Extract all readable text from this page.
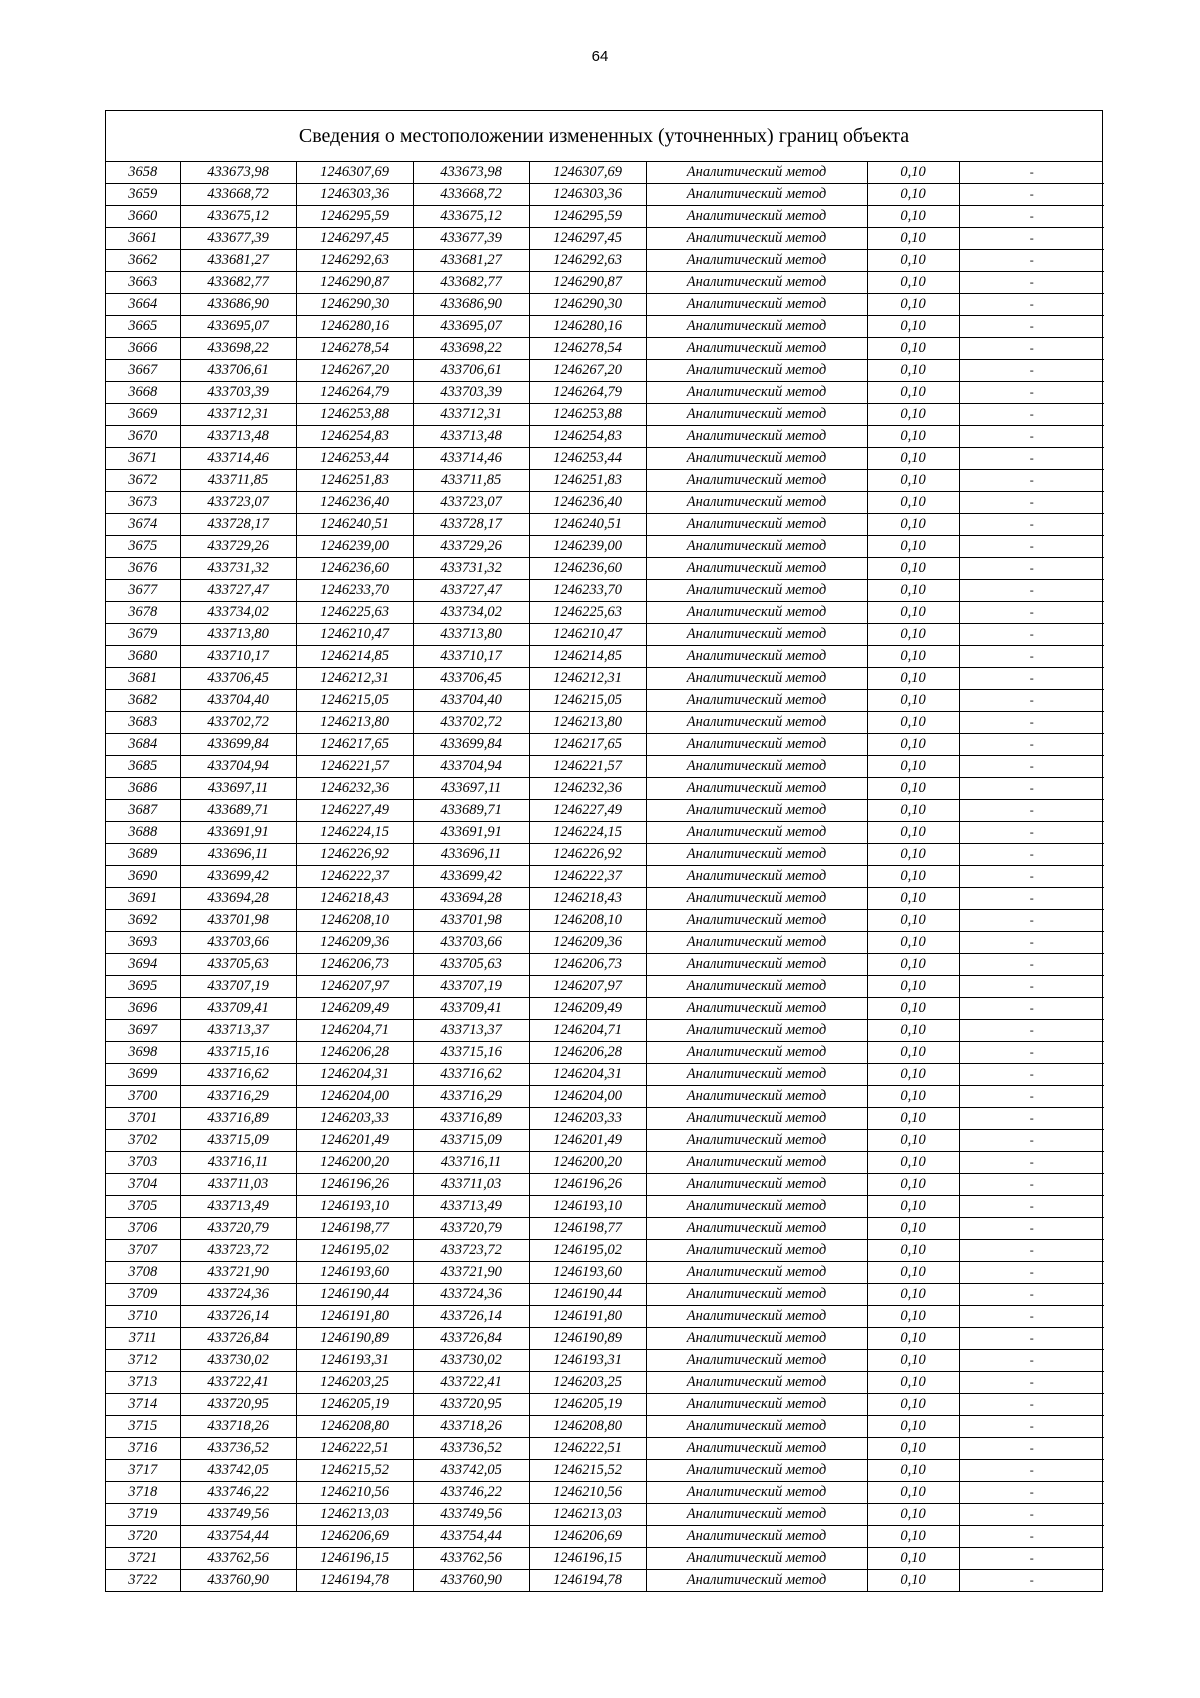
64
Сведения о местоположении измененных (уточненных) границ объекта
3658	433673,98	1246307,69	433673,98	1246307,69	Аналитический метод	0,10	-
3659	433668,72	1246303,36	433668,72	1246303,36	Аналитический метод	0,10	-
3660	433675,12	1246295,59	433675,12	1246295,59	Аналитический метод	0,10	-
3661	433677,39	1246297,45	433677,39	1246297,45	Аналитический метод	0,10	-
3662	433681,27	1246292,63	433681,27	1246292,63	Аналитический метод	0,10	-
3663	433682,77	1246290,87	433682,77	1246290,87	Аналитический метод	0,10	-
3664	433686,90	1246290,30	433686,90	1246290,30	Аналитический метод	0,10	-
3665	433695,07	1246280,16	433695,07	1246280,16	Аналитический метод	0,10	-
3666	433698,22	1246278,54	433698,22	1246278,54	Аналитический метод	0,10	-
3667	433706,61	1246267,20	433706,61	1246267,20	Аналитический метод	0,10	-
3668	433703,39	1246264,79	433703,39	1246264,79	Аналитический метод	0,10	-
3669	433712,31	1246253,88	433712,31	1246253,88	Аналитический метод	0,10	-
3670	433713,48	1246254,83	433713,48	1246254,83	Аналитический метод	0,10	-
3671	433714,46	1246253,44	433714,46	1246253,44	Аналитический метод	0,10	-
3672	433711,85	1246251,83	433711,85	1246251,83	Аналитический метод	0,10	-
3673	433723,07	1246236,40	433723,07	1246236,40	Аналитический метод	0,10	-
3674	433728,17	1246240,51	433728,17	1246240,51	Аналитический метод	0,10	-
3675	433729,26	1246239,00	433729,26	1246239,00	Аналитический метод	0,10	-
3676	433731,32	1246236,60	433731,32	1246236,60	Аналитический метод	0,10	-
3677	433727,47	1246233,70	433727,47	1246233,70	Аналитический метод	0,10	-
3678	433734,02	1246225,63	433734,02	1246225,63	Аналитический метод	0,10	-
3679	433713,80	1246210,47	433713,80	1246210,47	Аналитический метод	0,10	-
3680	433710,17	1246214,85	433710,17	1246214,85	Аналитический метод	0,10	-
3681	433706,45	1246212,31	433706,45	1246212,31	Аналитический метод	0,10	-
3682	433704,40	1246215,05	433704,40	1246215,05	Аналитический метод	0,10	-
3683	433702,72	1246213,80	433702,72	1246213,80	Аналитический метод	0,10	-
3684	433699,84	1246217,65	433699,84	1246217,65	Аналитический метод	0,10	-
3685	433704,94	1246221,57	433704,94	1246221,57	Аналитический метод	0,10	-
3686	433697,11	1246232,36	433697,11	1246232,36	Аналитический метод	0,10	-
3687	433689,71	1246227,49	433689,71	1246227,49	Аналитический метод	0,10	-
3688	433691,91	1246224,15	433691,91	1246224,15	Аналитический метод	0,10	-
3689	433696,11	1246226,92	433696,11	1246226,92	Аналитический метод	0,10	-
3690	433699,42	1246222,37	433699,42	1246222,37	Аналитический метод	0,10	-
3691	433694,28	1246218,43	433694,28	1246218,43	Аналитический метод	0,10	-
3692	433701,98	1246208,10	433701,98	1246208,10	Аналитический метод	0,10	-
3693	433703,66	1246209,36	433703,66	1246209,36	Аналитический метод	0,10	-
3694	433705,63	1246206,73	433705,63	1246206,73	Аналитический метод	0,10	-
3695	433707,19	1246207,97	433707,19	1246207,97	Аналитический метод	0,10	-
3696	433709,41	1246209,49	433709,41	1246209,49	Аналитический метод	0,10	-
3697	433713,37	1246204,71	433713,37	1246204,71	Аналитический метод	0,10	-
3698	433715,16	1246206,28	433715,16	1246206,28	Аналитический метод	0,10	-
3699	433716,62	1246204,31	433716,62	1246204,31	Аналитический метод	0,10	-
3700	433716,29	1246204,00	433716,29	1246204,00	Аналитический метод	0,10	-
3701	433716,89	1246203,33	433716,89	1246203,33	Аналитический метод	0,10	-
3702	433715,09	1246201,49	433715,09	1246201,49	Аналитический метод	0,10	-
3703	433716,11	1246200,20	433716,11	1246200,20	Аналитический метод	0,10	-
3704	433711,03	1246196,26	433711,03	1246196,26	Аналитический метод	0,10	-
3705	433713,49	1246193,10	433713,49	1246193,10	Аналитический метод	0,10	-
3706	433720,79	1246198,77	433720,79	1246198,77	Аналитический метод	0,10	-
3707	433723,72	1246195,02	433723,72	1246195,02	Аналитический метод	0,10	-
3708	433721,90	1246193,60	433721,90	1246193,60	Аналитический метод	0,10	-
3709	433724,36	1246190,44	433724,36	1246190,44	Аналитический метод	0,10	-
3710	433726,14	1246191,80	433726,14	1246191,80	Аналитический метод	0,10	-
3711	433726,84	1246190,89	433726,84	1246190,89	Аналитический метод	0,10	-
3712	433730,02	1246193,31	433730,02	1246193,31	Аналитический метод	0,10	-
3713	433722,41	1246203,25	433722,41	1246203,25	Аналитический метод	0,10	-
3714	433720,95	1246205,19	433720,95	1246205,19	Аналитический метод	0,10	-
3715	433718,26	1246208,80	433718,26	1246208,80	Аналитический метод	0,10	-
3716	433736,52	1246222,51	433736,52	1246222,51	Аналитический метод	0,10	-
3717	433742,05	1246215,52	433742,05	1246215,52	Аналитический метод	0,10	-
3718	433746,22	1246210,56	433746,22	1246210,56	Аналитический метод	0,10	-
3719	433749,56	1246213,03	433749,56	1246213,03	Аналитический метод	0,10	-
3720	433754,44	1246206,69	433754,44	1246206,69	Аналитический метод	0,10	-
3721	433762,56	1246196,15	433762,56	1246196,15	Аналитический метод	0,10	-
3722	433760,90	1246194,78	433760,90	1246194,78	Аналитический метод	0,10	-
